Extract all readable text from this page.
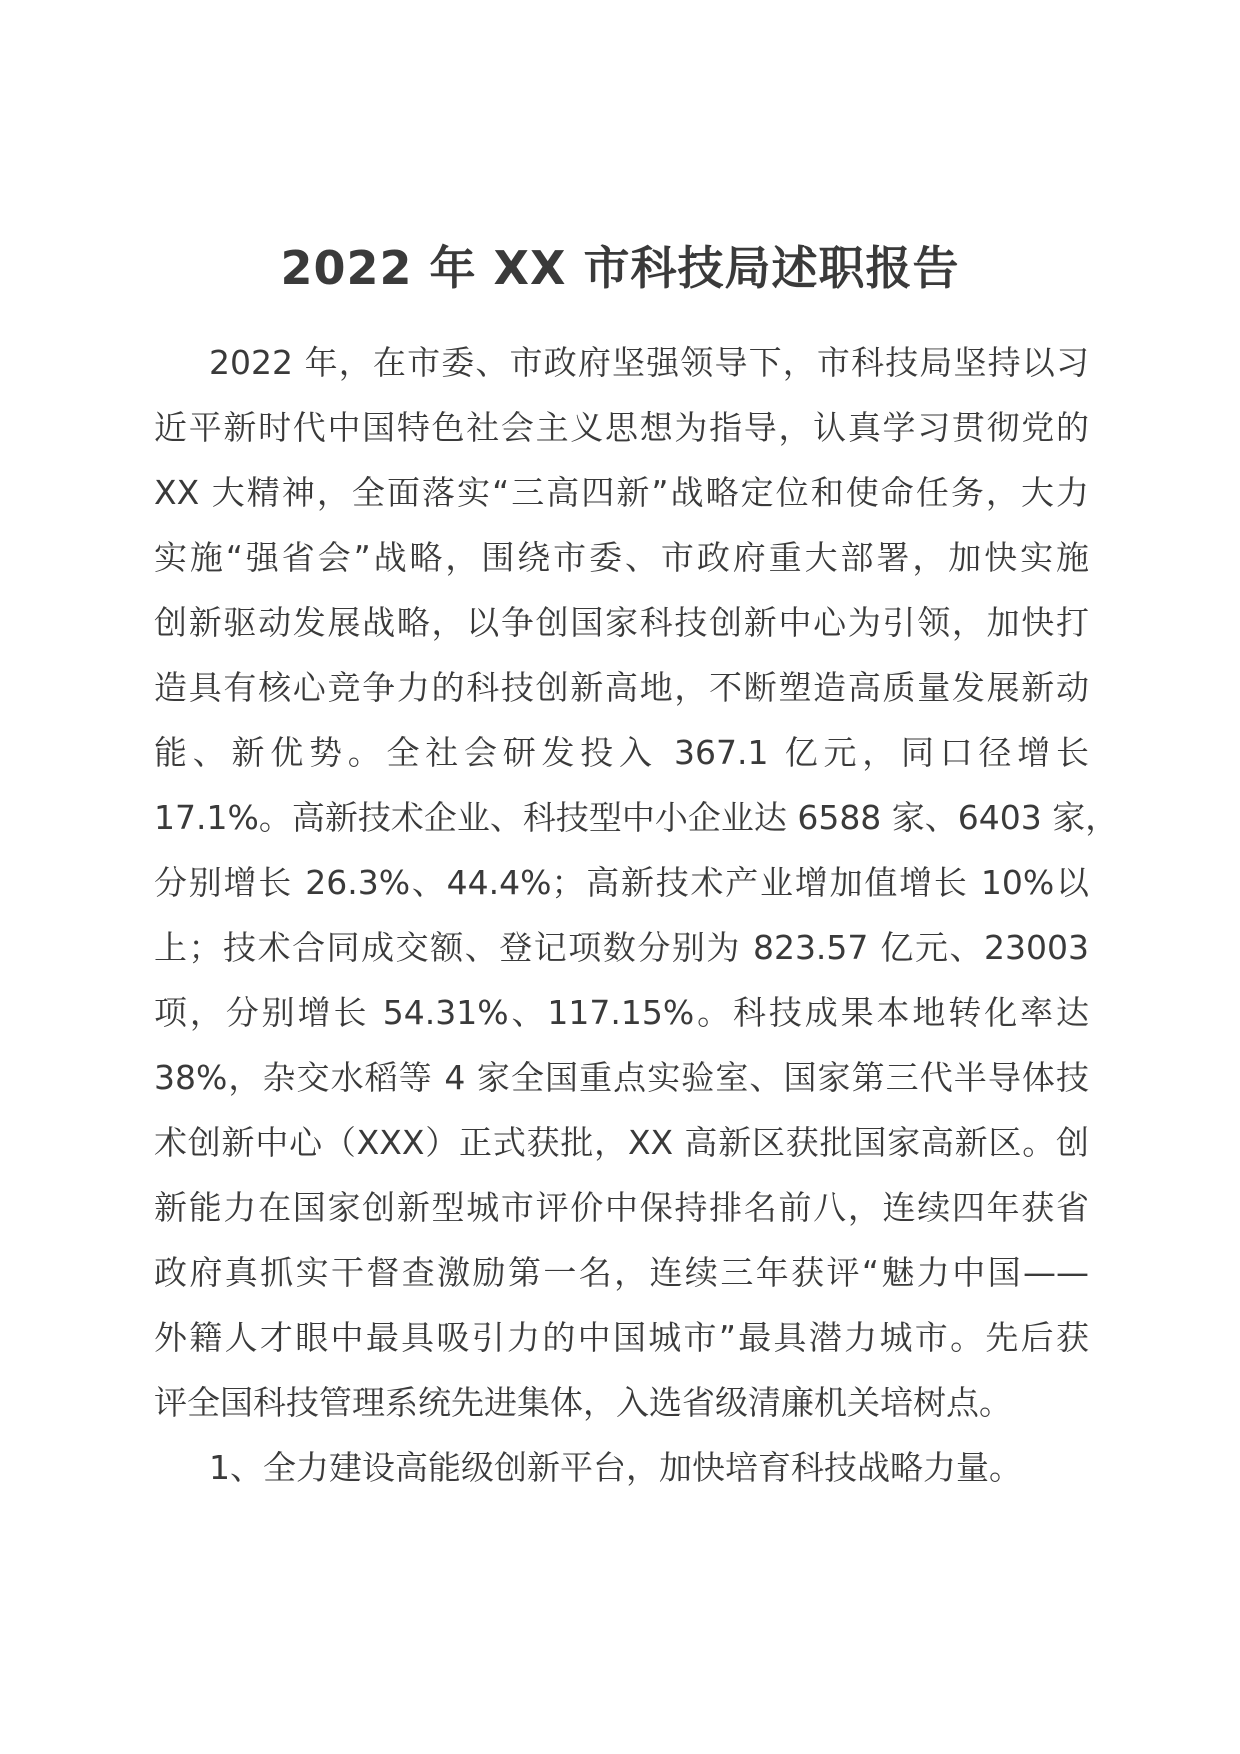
2022 年 XX 市科技局述职报告
2022 年，在市委、市政府坚强领导下，市科技局坚持以习
近平新时代中国特色社会主义思想为指导，认真学习贯彻党的
XX 大精神，全面落实“三高四新”战略定位和使命任务，大力
实施“强省会”战略，围绕市委、市政府重大部署，加快实施
创新驱动发展战略，以争创国家科技创新中心为引领，加快打
造具有核心竞争力的科技创新高地，不断塑造高质量发展新动
能、新优势。全社会研发投入 367.1 亿元，同口径增长
17.1%。高新技术企业、科技型中小企业达 6588 家、6403 家，
分别增长 26.3%、44.4%；高新技术产业增加值增长 10%以
上；技术合同成交额、登记项数分别为 823.57 亿元、23003
项，分别增长 54.31%、117.15%。科技成果本地转化率达
38%，杂交水稻等 4 家全国重点实验室、国家第三代半导体技
术创新中心（XXX）正式获批，XX 高新区获批国家高新区。创
新能力在国家创新型城市评价中保持排名前八，连续四年获省
政府真抓实干督查激励第一名，连续三年获评“魅力中国——
外籍人才眼中最具吸引力的中国城市”最具潜力城市。先后获
评全国科技管理系统先进集体，入选省级清廉机关培树点。
1、全力建设高能级创新平台，加快培育科技战略力量。
